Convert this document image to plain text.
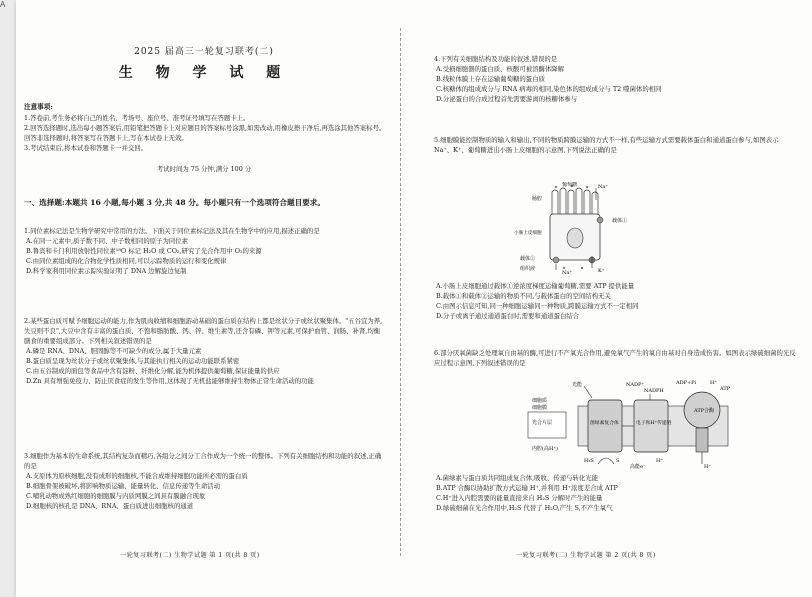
A
2025 届高三一轮复习联考(二)
生 物 学 试 题
注意事项:

1.答卷前,考生务必将自己的姓名、考场号、座位号、准考证号填写在答题卡上。

2.回答选择题时,选出每小题答案后,用铅笔把答题卡上对应题目的答案标号涂黑,如需改动,用橡皮擦干净后,再选涂其他答案标号。回答非选择题时,将答案写在答题卡上,写在本试卷上无效。

3.考试结束后,将本试卷和答题卡一并交回。

考试时间为 75 分钟,满分 100 分
一、选择题:本题共 16 小题,每小题 3 分,共 48 分。每小题只有一个选项符合题目要求。

1.同位素标记法是生物学研究中常用的方法。下面关于同位素标记法及其在生物学中的应用,描述正确的是

A.在同一元素中,质子数不同、中子数相同的原子为同位素

B.鲁宾和卡门利用放射性同位素¹⁸O 标记 H₂O 或 CO₂,研究了光合作用中 O₂的来源

C.由同位素组成的化合物化学性质相同,可以示踪物质的运行和变化规律

D.科学家利用同位素示踪实验证明了 DNA 边解旋边复制

2.某些蛋白质可赋予细胞运动的能力,作为肌肉收缩和细胞游动基础的蛋白质在结构上都是丝状分子或丝状聚集体。"五谷宜为养,失豆则不良",大豆中含有丰富的蛋白质、不饱和脂肪酸、钙、锌、维生素等,还含有磷、钾等元素,可保护血管、润肠、补肾,均衡膳食的重要组成部分。下列相关叙述错误的是

A.磷是 RNA、DNA、胆固醇等不可缺少的成分,属于大量元素

B.蛋白质呈现为丝状分子或丝状聚集体,与其能执行相关的运动功能联系紧密

C.由五谷制成的面包等食品中含有淀粉、纤维化分解,能为机体提供葡萄糖,保证能量的供应

D.Zn 具有增强免疫力、防止厌食症的发生等作用,这体现了无机盐能够维持生物体正常生命活动的功能

3.细胞作为基本的生命系统,其结构复杂而精巧,各组分之间分工合作成为一个统一的整体。下列有关细胞结构和功能的叙述,正确的是

A.支原体为原核细胞,没有成形的细胞核,不能合成维持细胞功能所必需的蛋白质

B.细胞骨架被破坏,将影响物质运输、能量转化、信息传递等生命活动

C.哺乳动物成熟红细胞的细胞膜与内质网膜之间具有膜融合现象

D.细胞核的核孔是 DNA、RNA、蛋白质进出细胞核的通道

一轮复习联考(二) 生物学试题 第 1 页(共 8 页)

4.下列有关细胞结构及功能的叙述,错误的是

A.受损细胞器的蛋白质、核酸可被溶酶体降解

B.线粒体膜上存在运输葡萄糖的蛋白质

C.核糖体的组成成分与 RNA 病毒的相同,染色体的组成成分与 T2 噬菌体的相同

D.分泌蛋白的合成过程首先需要游离的核糖体参与

5.细胞膜能控制物质的输入和输出,不同的物质跨膜运输的方式不一样,有些运输方式需要载体蛋白和通道蛋白参与,如图表示 Na⁺、K⁺、葡萄糖进出小肠上皮细胞的示意图,下列说法正确的是

葡萄糖	Na⁺
肠腔
载体①
小肠上皮细胞
载体②
组织液
Na⁺	K⁺

A.小肠上皮细胞通过载体①逆浓度梯度运输葡萄糖,需要 ATP 提供能量

B.载体①和载体②运输的物质不同,与载体蛋白的空间结构无关

C.由图示信息可知,同一种细胞运输同一种物质,跨膜运输方式不一定相同

D.分子或离子通过通道蛋白时,需要和通道蛋白结合

6.部分厌氧菌缺乏处理氧自由基的酶,可进行不产氧光合作用,避免氧气产生的氧自由基对自身造成伤害。如图表示绿硫细菌的光反应过程示意图,下列叙述错误的是

光能
细胞质
细胞膜
光合片层
内腔(高H⁺)
菌绿素复合体	电子和H⁺传递链
ATP合酶
NADP⁺
NADPH
ADP+Pi	H⁺
ATP
H₂S	S
高能e⁻
H⁺
H⁺

A.菌绿素与蛋白质共同组成复合体,吸收、传递与转化光能

B.ATP 合酶以协助扩散方式运输 H⁺,并利用 H⁺浓度差合成 ATP

C.H⁺进入内腔需要的能量直接来自 H₂S 分解时产生的能量

D.绿硫细菌在光合作用中,H₂S 代替了 H₂O,产生 S,不产生氧气

一轮复习联考(二) 生物学试题 第 2 页(共 8 页)
